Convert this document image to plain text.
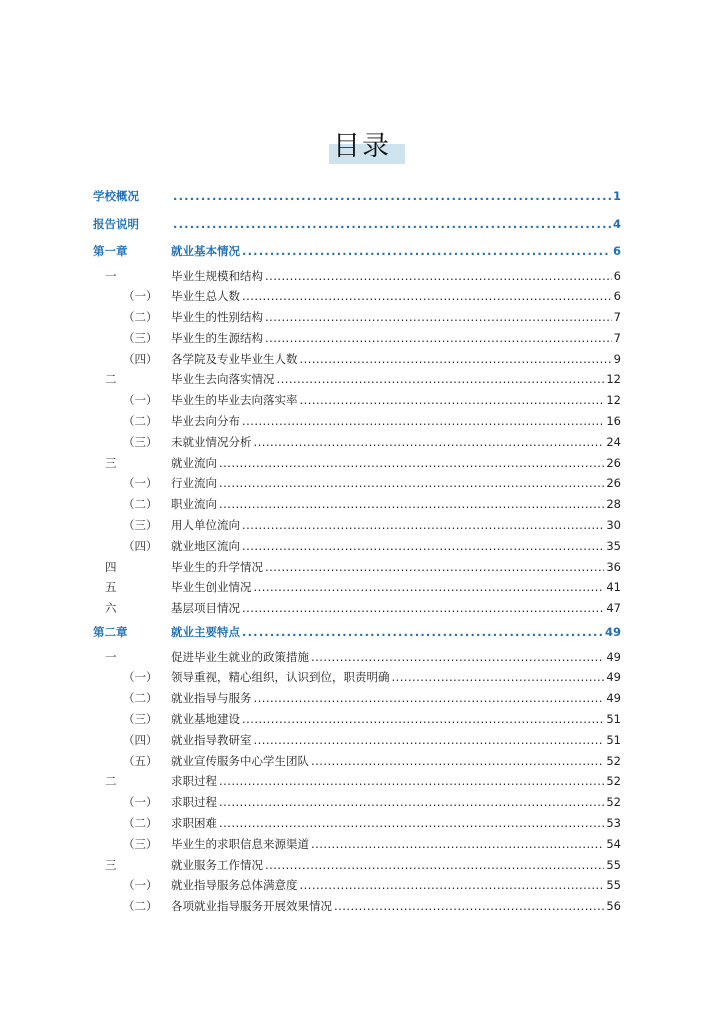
目录
学校概况 . . .	1
报告说明 . . .	4
第一章	就业基本情况 . . .	6
一	毕业生规模和结构 . . .	6
（一） 毕业生总人数 . . .	6
（二） 毕业生的性别结构 . . .	7
（三） 毕业生的生源结构 . . .	7
（四） 各学院及专业毕业生人数 . . .	9
二	毕业生去向落实情况 . . .	12
（一） 毕业生的毕业去向落实率 . . .	12
（二） 毕业去向分布 . . .	16
（三） 未就业情况分析 . . .	24
三	就业流向 . . .	26
（一） 行业流向 . . .	26
（二） 职业流向 . . .	28
（三） 用人单位流向 . . .	30
（四） 就业地区流向 . . .	35
四	毕业生的升学情况 . . .	36
五	毕业生创业情况 . . .	41
六	基层项目情况 . . .	47
第二章	就业主要特点 . . .	49
一	促进毕业生就业的政策措施 . . .	49
（一） 领导重视，精心组织，认识到位，职责明确 . . .	49
（二） 就业指导与服务 . . .	49
（三） 就业基地建设 . . .	51
（四） 就业指导教研室 . . .	51
（五） 就业宣传服务中心学生团队 . . .	52
二	求职过程 . . .	52
（一） 求职过程 . . .	52
（二） 求职困难 . . .	53
（三） 毕业生的求职信息来源渠道 . . .	54
三	就业服务工作情况 . . .	55
（一） 就业指导服务总体满意度 . . .	55
（二） 各项就业指导服务开展效果情况 . . .	56
